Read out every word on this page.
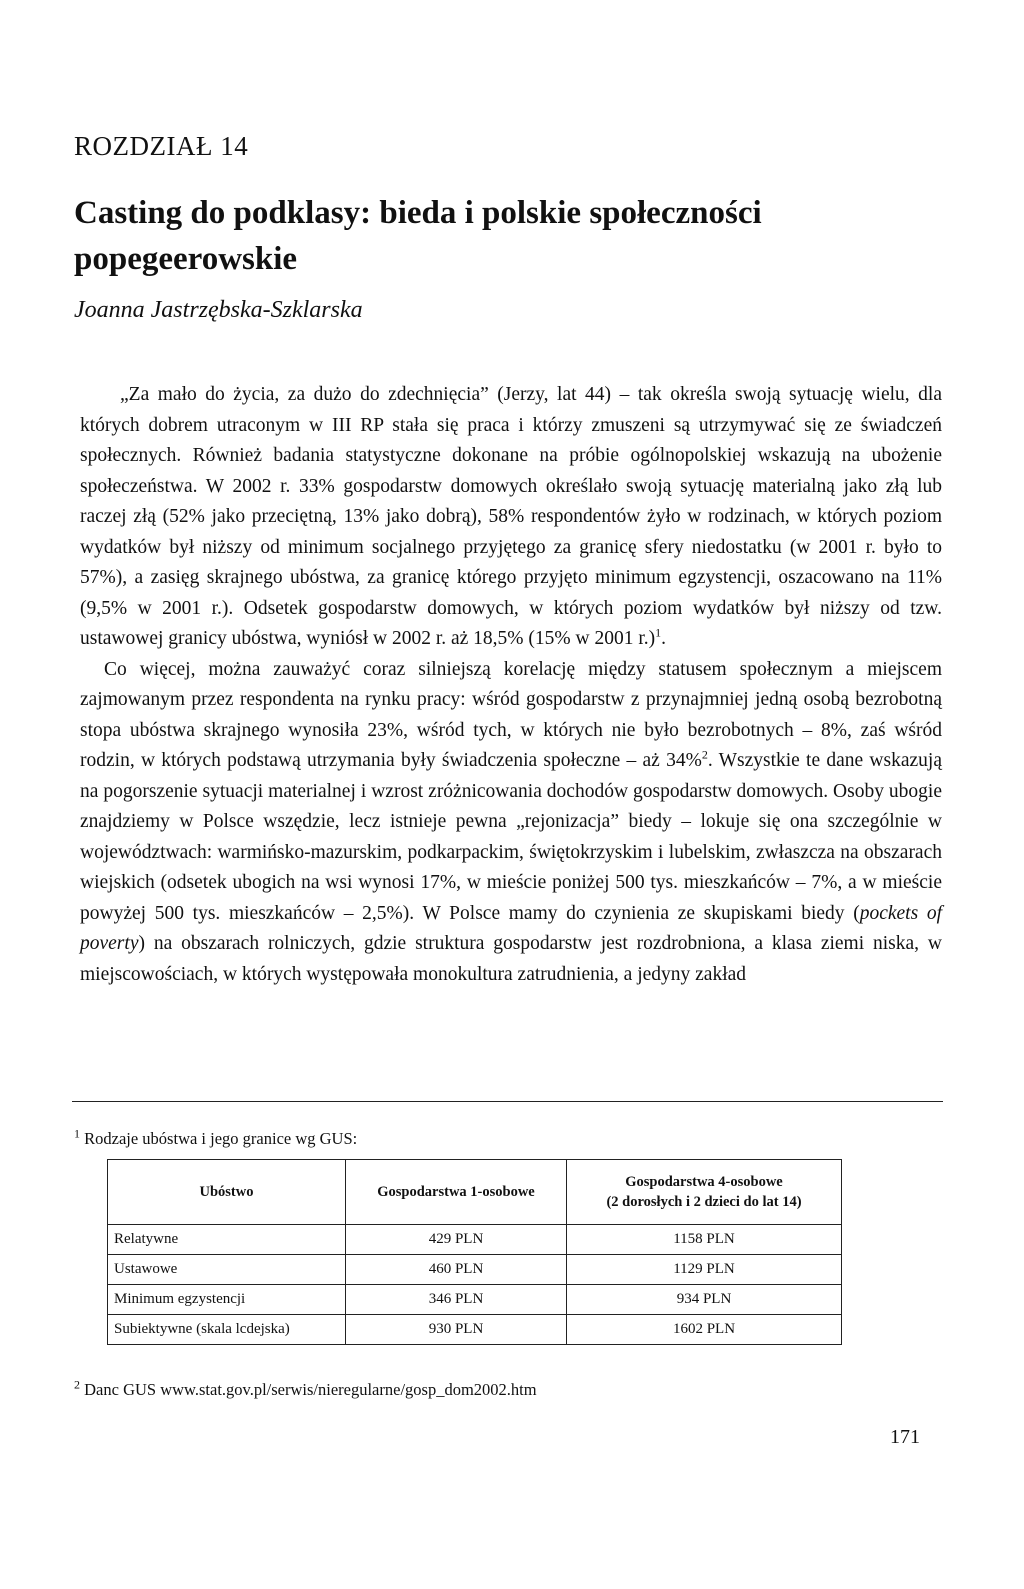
ROZDZIAŁ 14
Casting do podklasy: bieda i polskie społeczności popegeerowskie
Joanna Jastrzębska-Szklarska

„Za mało do życia, za dużo do zdechnięcia” (Jerzy, lat 44) – tak określa swoją sytuację wielu, dla których dobrem utraconym w III RP stała się praca i którzy zmuszeni są utrzymywać się ze świadczeń społecznych. Również badania statystyczne dokonane na próbie ogólnopolskiej wskazują na ubożenie społeczeństwa. W 2002 r. 33% gospodarstw domowych określało swoją sytuację materialną jako złą lub raczej złą (52% jako przeciętną, 13% jako dobrą), 58% respondentów żyło w rodzinach, w których poziom wydatków był niższy od minimum socjalnego przyjętego za granicę sfery niedostatku (w 2001 r. było to 57%), a zasięg skrajnego ubóstwa, za granicę którego przyjęto minimum egzystencji, oszacowano na 11% (9,5% w 2001 r.). Odsetek gospodarstw domowych, w których poziom wydatków był niższy od tzw. ustawowej granicy ubóstwa, wyniósł w 2002 r. aż 18,5% (15% w 2001 r.)$^1$.

Co więcej, można zauważyć coraz silniejszą korelację między statusem społecznym a miejscem zajmowanym przez respondenta na rynku pracy: wśród gospodarstw z przynajmniej jedną osobą bezrobotną stopa ubóstwa skrajnego wynosiła 23%, wśród tych, w których nie było bezrobotnych – 8%, zaś wśród rodzin, w których podstawą utrzymania były świadczenia społeczne – aż 34%$^2$. Wszystkie te dane wskazują na pogorszenie sytuacji materialnej i wzrost zróżnicowania dochodów gospodarstw domowych. Osoby ubogie znajdziemy w Polsce wszędzie, lecz istnieje pewna „rejonizacja” biedy – lokuje się ona szczególnie w województwach: warmińsko-mazurskim, podkarpackim, świętokrzyskim i lubelskim, zwłaszcza na obszarach wiejskich (odsetek ubogich na wsi wynosi 17%, w mieście poniżej 500 tys. mieszkańców – 7%, a w mieście powyżej 500 tys. mieszkańców – 2,5%). W Polsce mamy do czynienia ze skupiskami biedy (pockets of poverty) na obszarach rolniczych, gdzie struktura gospodarstw jest rozdrobniona, a klasa ziemi niska, w miejscowościach, w których występowała monokultura zatrudnienia, a jedyny zakład

$^1$ Rodzaje ubóstwa i jego granice wg GUS:
Ubóstwo	Gospodarstwa 1-osobowe	Gospodarstwa 4-osobowe
(2 dorosłych i 2 dzieci do lat 14)
Relatywne	429 PLN	1158 PLN
Ustawowe	460 PLN	1129 PLN
Minimum egzystencji	346 PLN	934 PLN
Subiektywne (skala lcdejska)	930 PLN	1602 PLN
$^2$ Danc GUS www.stat.gov.pl/serwis/nieregularne/gosp_dom2002.htm
171
